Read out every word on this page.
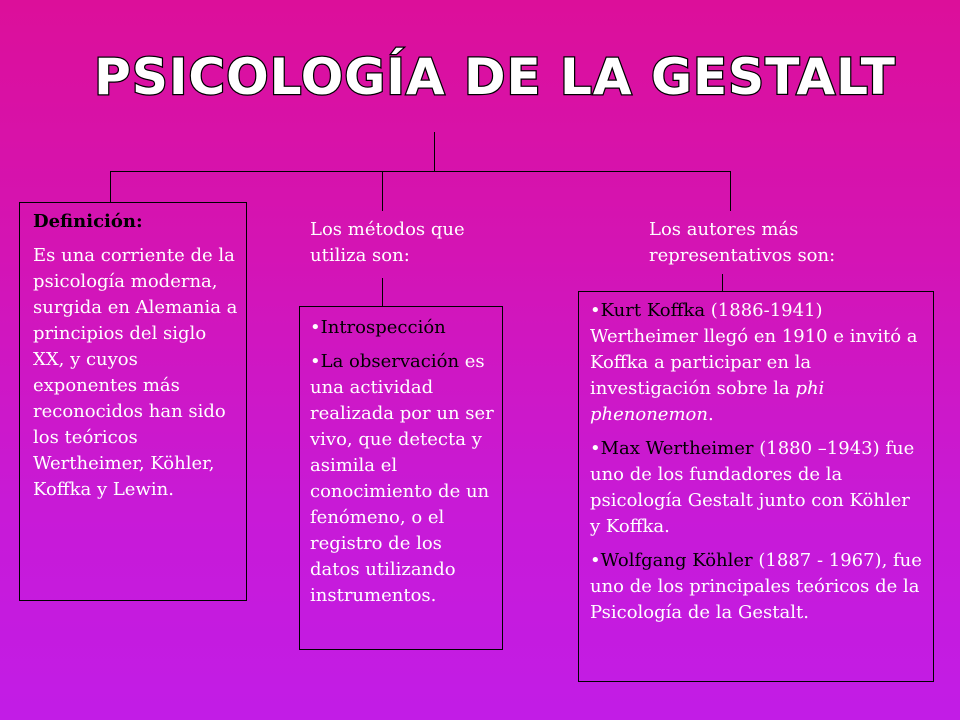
PSICOLOGÍA DE LA GESTALT

Definición:

Es una corriente de la psicología moderna, surgida en Alemania a principios del siglo XX, y cuyos exponentes más reconocidos han sido los teóricos Wertheimer, Köhler, Koffka y Lewin.

Los métodos que utiliza son:

•Introspección

•La observación es una actividad realizada por un ser vivo, que detecta y asimila el conocimiento de un fenómeno, o el registro de los datos utilizando instrumentos.

Los autores más representativos son:

•Kurt Koffka (1886-1941) Wertheimer llegó en 1910 e invitó a Koffka a participar en la investigación sobre la phi phenonemon.

•Max Wertheimer (1880 –1943) fue uno de los fundadores de la psicología Gestalt junto con Köhler y Koffka.

•Wolfgang Köhler (1887 - 1967), fue uno de los principales teóricos de la Psicología de la Gestalt.
